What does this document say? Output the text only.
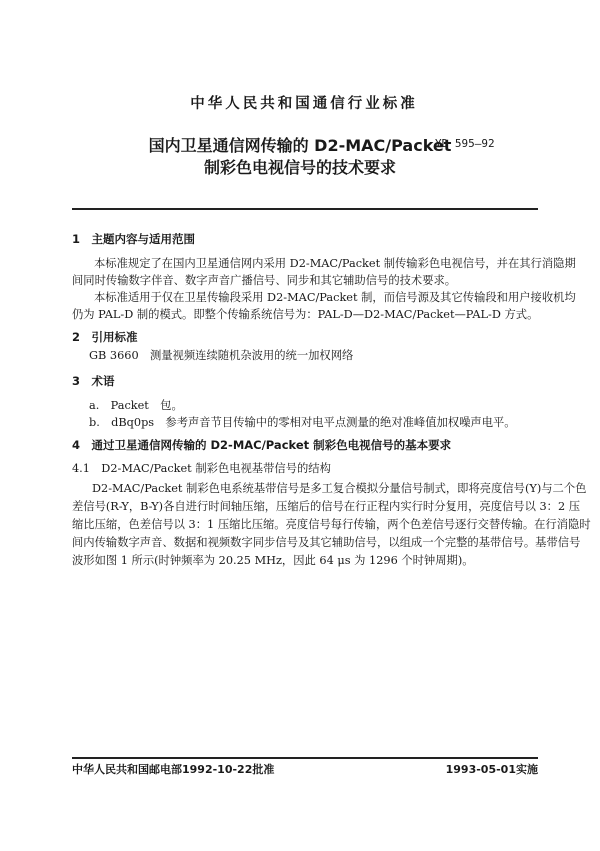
中华人民共和国通信行业标准
国内卫星通信网传输的 D2-MAC/Packet
制彩色电视信号的技术要求
YD 595—92
1　主题内容与适用范围
本标准规定了在国内卫星通信网内采用 D2-MAC/Packet 制传输彩色电视信号，并在其行消隐期
间同时传输数字伴音、数字声音广播信号、同步和其它辅助信号的技术要求。
本标准适用于仅在卫星传输段采用 D2-MAC/Packet 制，而信号源及其它传输段和用户接收机均
仍为 PAL-D 制的模式。即整个传输系统信号为：PAL-D—D2-MAC/Packet—PAL-D 方式。
2　引用标准
GB 3660　测量视频连续随机杂波用的统一加权网络
3　术语
a.　Packet　包。
b.　dBq0ps　参考声音节目传输中的零相对电平点测量的绝对准峰值加权噪声电平。
4　通过卫星通信网传输的 D2-MAC/Packet 制彩色电视信号的基本要求
4.1　D2-MAC/Packet 制彩色电视基带信号的结构
D2-MAC/Packet 制彩色电系统基带信号是多工复合模拟分量信号制式，即将亮度信号(Y)与二个色
差信号(R-Y，B-Y)各自进行时间轴压缩，压缩后的信号在行正程内实行时分复用，亮度信号以 3：2 压
缩比压缩，色差信号以 3：1 压缩比压缩。亮度信号每行传输，两个色差信号逐行交替传输。在行消隐时
间内传输数字声音、数据和视频数字同步信号及其它辅助信号，以组成一个完整的基带信号。基带信号
波形如图 1 所示(时钟频率为 20.25 MHz，因此 64 μs 为 1296 个时钟周期)。
中华人民共和国邮电部1992-10-22批准	1993-05-01实施
